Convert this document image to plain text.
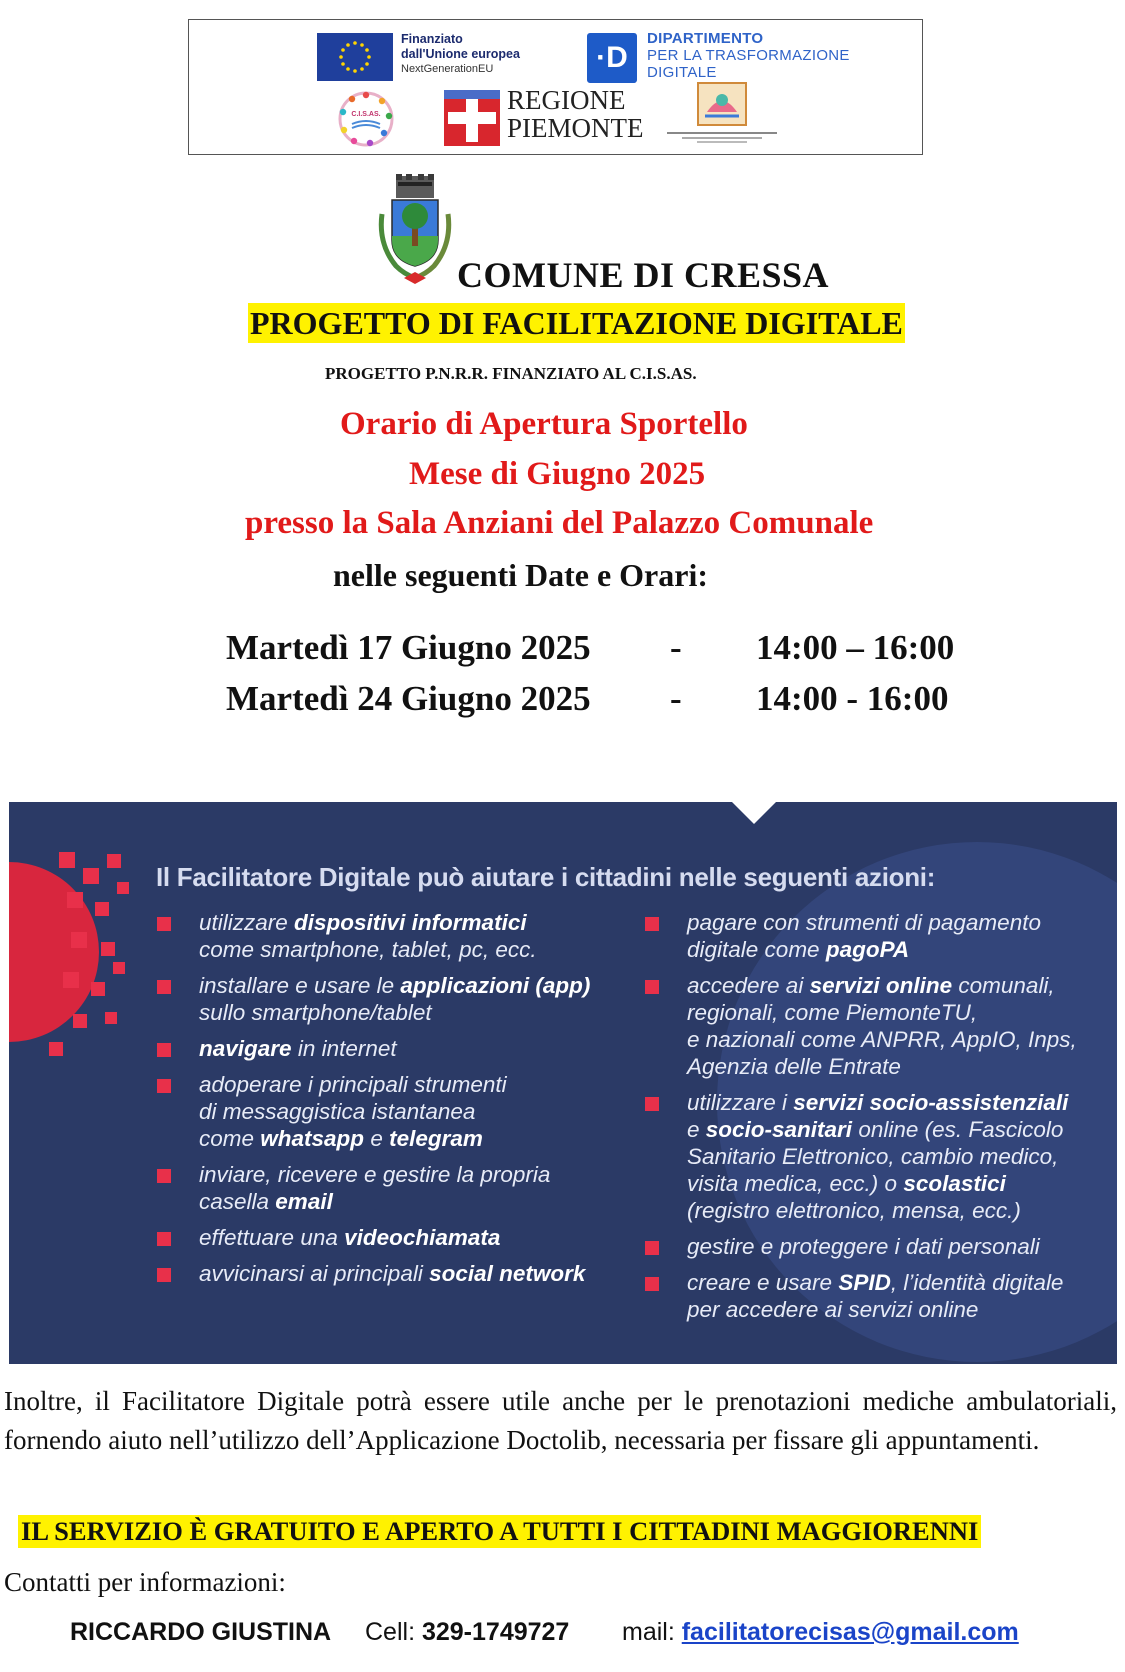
Finanziato
dall'Unione europea
NextGenerationEU	·D
DIPARTIMENTO
PER LA TRASFORMAZIONE
DIGITALE
C.I.S.AS.	REGIONE
PIEMONTE
COMUNE DI CRESSA
PROGETTO DI FACILITAZIONE DIGITALE
PROGETTO P.N.R.R. FINANZIATO AL C.I.S.AS.
Orario di Apertura Sportello
Mese di Giugno 2025
presso la Sala Anziani del Palazzo Comunale
nelle seguenti Date e Orari:
Martedì 17 Giugno 2025 - 14:00 – 16:00
Martedì 24 Giugno 2025 - 14:00 - 16:00
Il Facilitatore Digitale può aiutare i cittadini nelle seguenti azioni:
utilizzare dispositivi informatici
come smartphone, tablet, pc, ecc.
installare e usare le applicazioni (app)
sullo smartphone/tablet
navigare in internet
adoperare i principali strumenti
di messaggistica istantanea
come whatsapp e telegram
inviare, ricevere e gestire la propria
casella email
effettuare una videochiamata
avvicinarsi ai principali social network
pagare con strumenti di pagamento
digitale come pagoPA
accedere ai servizi online comunali,
regionali, come PiemonteTU,
e nazionali come ANPRR, AppIO, Inps,
Agenzia delle Entrate
utilizzare i servizi socio-assistenziali
e socio-sanitari online (es. Fascicolo
Sanitario Elettronico, cambio medico,
visita medica, ecc.) o scolastici
(registro elettronico, mensa, ecc.)
gestire e proteggere i dati personali
creare e usare SPID, l’identità digitale
per accedere ai servizi online
Inoltre, il Facilitatore Digitale potrà essere utile anche per le prenotazioni mediche ambulatoriali, fornendo aiuto nell’utilizzo dell’Applicazione Doctolib, necessaria per fissare gli appuntamenti.
IL SERVIZIO È GRATUITO E APERTO A TUTTI I CITTADINI MAGGIORENNI
Contatti per informazioni:
RICCARDO GIUSTINA Cell: 329-1749727 mail: facilitatorecisas@gmail.com
